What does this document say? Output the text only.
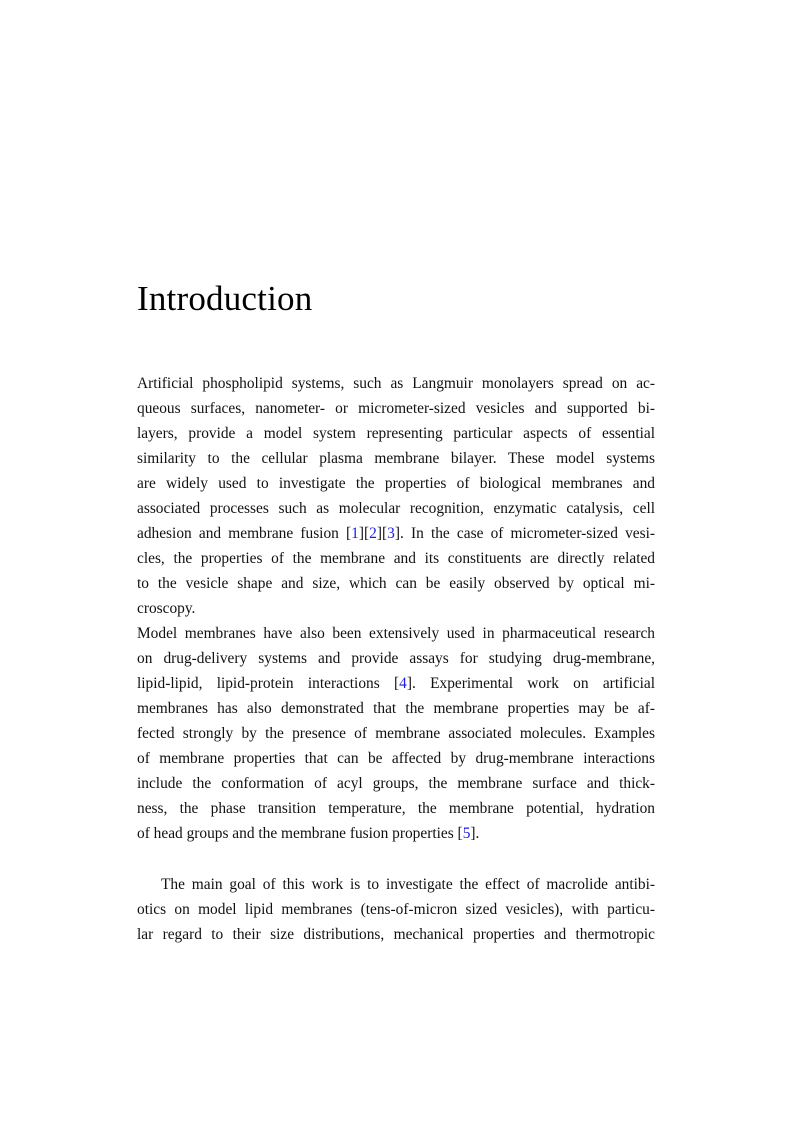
Introduction
Artificial phospholipid systems, such as Langmuir monolayers spread on ac-
queous surfaces, nanometer- or micrometer-sized vesicles and supported bi-
layers, provide a model system representing particular aspects of essential
similarity to the cellular plasma membrane bilayer. These model systems
are widely used to investigate the properties of biological membranes and
associated processes such as molecular recognition, enzymatic catalysis, cell
adhesion and membrane fusion [1][2][3]. In the case of micrometer-sized vesi-
cles, the properties of the membrane and its constituents are directly related
to the vesicle shape and size, which can be easily observed by optical mi-
croscopy.
Model membranes have also been extensively used in pharmaceutical research
on drug-delivery systems and provide assays for studying drug-membrane,
lipid-lipid, lipid-protein interactions [4]. Experimental work on artificial
membranes has also demonstrated that the membrane properties may be af-
fected strongly by the presence of membrane associated molecules. Examples
of membrane properties that can be affected by drug-membrane interactions
include the conformation of acyl groups, the membrane surface and thick-
ness, the phase transition temperature, the membrane potential, hydration
of head groups and the membrane fusion properties [5].
The main goal of this work is to investigate the effect of macrolide antibi-
otics on model lipid membranes (tens-of-micron sized vesicles), with particu-
lar regard to their size distributions, mechanical properties and thermotropic
